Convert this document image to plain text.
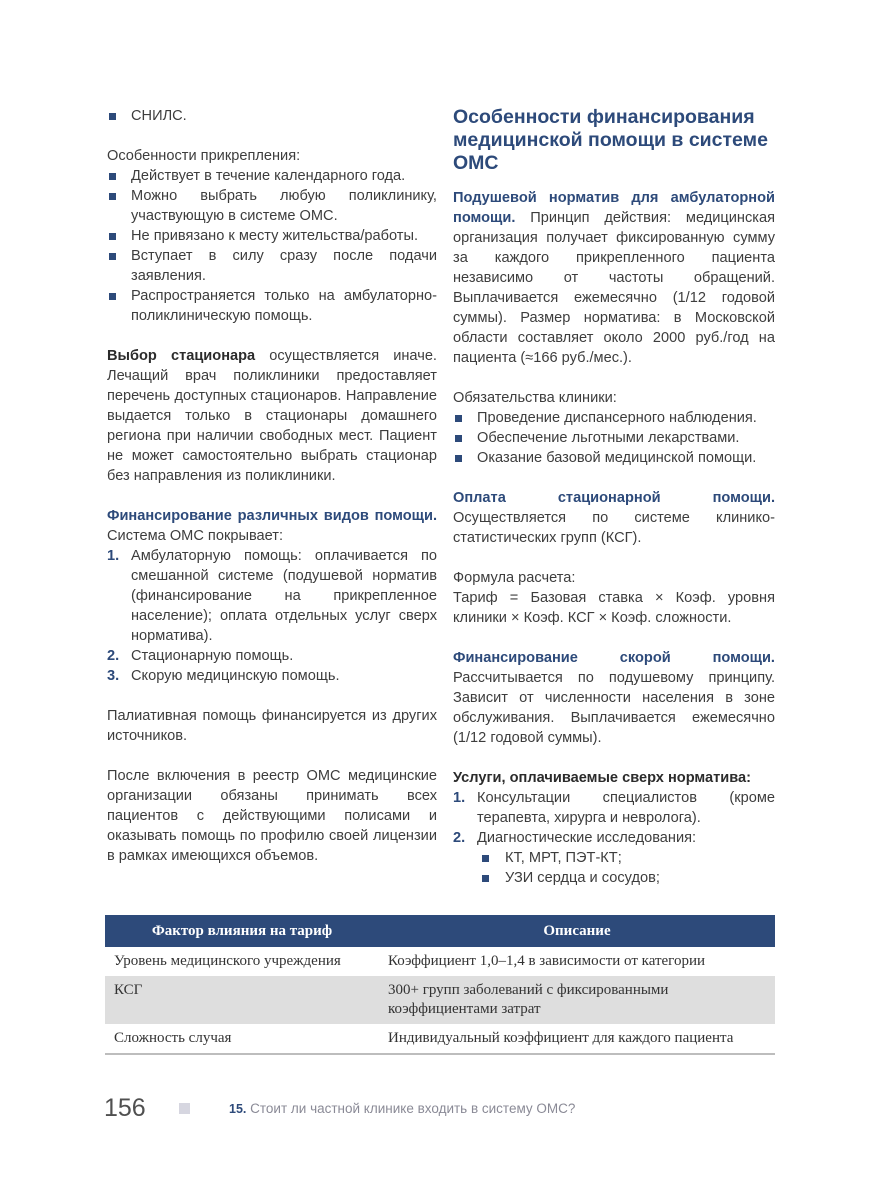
СНИЛС.

Особенности прикрепления:

Действует в течение календарного года.
Можно выбрать любую поликлинику, участвующую в системе ОМС.
Не привязано к месту жительства/работы.
Вступает в силу сразу после подачи заявления.
Распространяется только на амбулаторно-поликлиническую помощь.

Выбор стационара осуществляется иначе. Лечащий врач поликлиники предоставляет перечень доступных стационаров. Направление выдается только в стационары домашнего региона при наличии свободных мест. Пациент не может самостоятельно выбрать стационар без направления из поликлиники.

Финансирование различных видов помощи. Система ОМС покрывает:

1. Амбулаторную помощь: оплачивается по смешанной системе (подушевой норматив (финансирование на прикрепленное население); оплата отдельных услуг сверх норматива).
2. Стационарную помощь.
3. Скорую медицинскую помощь.

Палиативная помощь финансируется из других источников.

После включения в реестр ОМС медицинские организации обязаны принимать всех пациентов с действующими полисами и оказывать помощь по профилю своей лицензии в рамках имеющихся объемов.

Особенности финансирования медицинской помощи в системе ОМС

Подушевой норматив для амбулаторной помощи. Принцип действия: медицинская организация получает фиксированную сумму за каждого прикрепленного пациента независимо от частоты обращений. Выплачивается ежемесячно (1/12 годовой суммы). Размер норматива: в Московской области составляет около 2000 руб./год на пациента (≈166 руб./мес.).

Обязательства клиники:

Проведение диспансерного наблюдения.
Обеспечение льготными лекарствами.
Оказание базовой медицинской помощи.

Оплата стационарной помощи. Осуществляется по системе клинико-статистических групп (КСГ).

Формула расчета:

Тариф = Базовая ставка × Коэф. уровня клиники × Коэф. КСГ × Коэф. сложности.

Финансирование скорой помощи. Рассчитывается по подушевому принципу. Зависит от численности населения в зоне обслуживания. Выплачивается ежемесячно (1/12 годовой суммы).

Услуги, оплачиваемые сверх норматива:

1. Консультации специалистов (кроме терапевта, хирурга и невролога).
2. Диагностические исследования:
КТ, МРТ, ПЭТ-КТ;
УЗИ сердца и сосудов;
Фактор влияния на тариф	Описание
Уровень медицинского учреждения	Коэффициент 1,0–1,4 в зависимости от категории
КСГ	300+ групп заболеваний с фиксированными коэффициентами затрат
Сложность случая	Индивидуальный коэффициент для каждого пациента
156	15. Стоит ли частной клинике входить в систему ОМС?
